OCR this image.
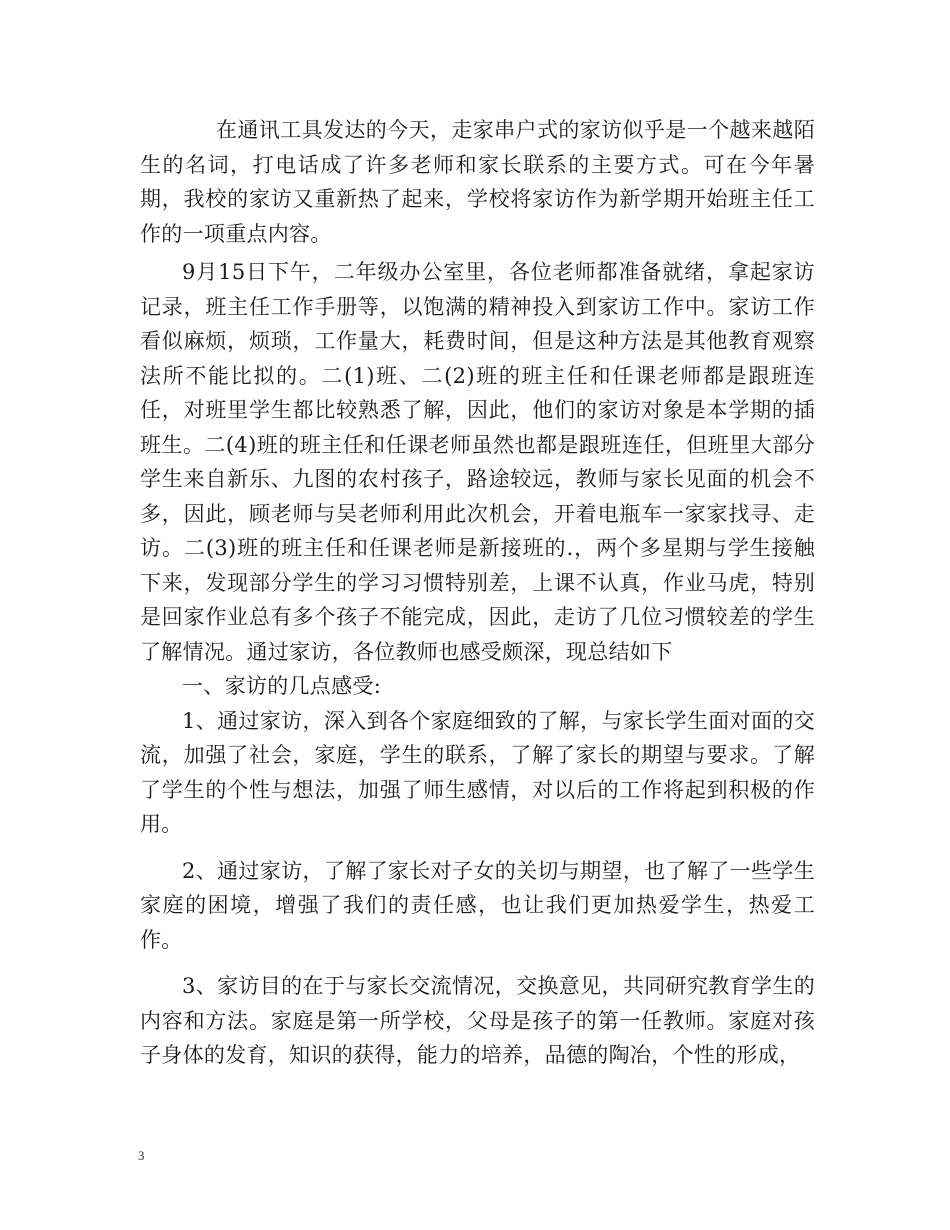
在通讯工具发达的今天，走家串户式的家访似乎是一个越来越陌生的名词，打电话成了许多老师和家长联系的主要方式。可在今年暑期，我校的家访又重新热了起来，学校将家访作为新学期开始班主任工作的一项重点内容。

9月15日下午，二年级办公室里，各位老师都准备就绪，拿起家访记录，班主任工作手册等，以饱满的精神投入到家访工作中。家访工作看似麻烦，烦琐，工作量大，耗费时间，但是这种方法是其他教育观察法所不能比拟的。二(1)班、二(2)班的班主任和任课老师都是跟班连任，对班里学生都比较熟悉了解，因此，他们的家访对象是本学期的插班生。二(4)班的班主任和任课老师虽然也都是跟班连任，但班里大部分学生来自新乐、九图的农村孩子，路途较远，教师与家长见面的机会不多，因此，顾老师与吴老师利用此次机会，开着电瓶车一家家找寻、走访。二(3)班的班主任和任课老师是新接班的.，两个多星期与学生接触下来，发现部分学生的学习习惯特别差，上课不认真，作业马虎，特别是回家作业总有多个孩子不能完成，因此，走访了几位习惯较差的学生了解情况。通过家访，各位教师也感受颇深，现总结如下

一、家访的几点感受:

1、通过家访，深入到各个家庭细致的了解，与家长学生面对面的交流，加强了社会，家庭，学生的联系，了解了家长的期望与要求。了解了学生的个性与想法，加强了师生感情，对以后的工作将起到积极的作用。

2、通过家访，了解了家长对子女的关切与期望，也了解了一些学生家庭的困境，增强了我们的责任感，也让我们更加热爱学生，热爱工作。

3、家访目的在于与家长交流情况，交换意见，共同研究教育学生的内容和方法。家庭是第一所学校，父母是孩子的第一任教师。家庭对孩子身体的发育，知识的获得，能力的培养，品德的陶冶，个性的形成，

3
